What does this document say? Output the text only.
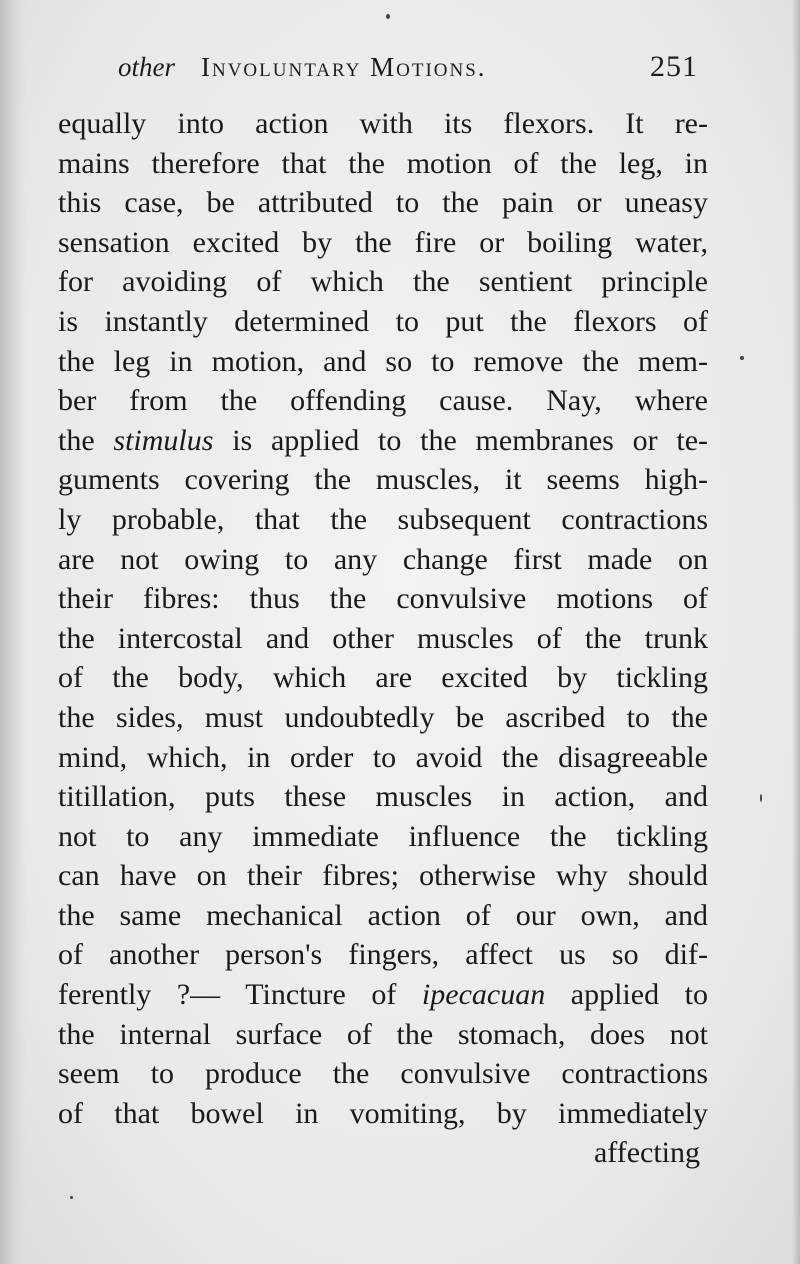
other Involuntary Motions.	251
equally into action with its flexors. It re-
mains therefore that the motion of the leg, in
this case, be attributed to the pain or uneasy
sensation excited by the fire or boiling water,
for avoiding of which the sentient principle
is instantly determined to put the flexors of
the leg in motion, and so to remove the mem-
ber from the offending cause. Nay, where
the stimulus is applied to the membranes or te-
guments covering the muscles, it seems high-
ly probable, that the subsequent contractions
are not owing to any change first made on
their fibres: thus the convulsive motions of
the intercostal and other muscles of the trunk
of the body, which are excited by tickling
the sides, must undoubtedly be ascribed to the
mind, which, in order to avoid the disagreeable
titillation, puts these muscles in action, and
not to any immediate influence the tickling
can have on their fibres; otherwise why should
the same mechanical action of our own, and
of another person's fingers, affect us so dif-
ferently ?— Tincture of ipecacuan applied to
the internal surface of the stomach, does not
seem to produce the convulsive contractions
of that bowel in vomiting, by immediately
affecting
